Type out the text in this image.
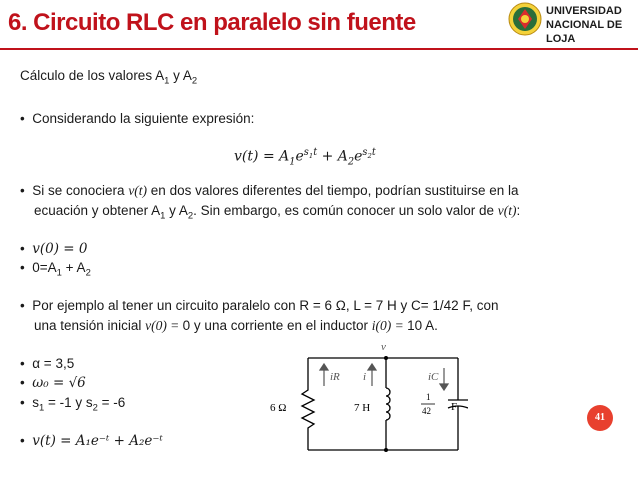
6. Circuito RLC en paralelo sin fuente	UNIVERSIDAD
NACIONAL DE LOJA
Cálculo de los valores $A_1$ y $A_2$
• Considerando la siguiente expresión:
$v(t) = A_1e^{s_1t} + A_2e^{s_2t}$
• Si se conociera v(t) en dos valores diferentes del tiempo, podrían sustituirse en la
ecuación y obtener $A_1$ y $A_2$. Sin embargo, es común conocer un solo valor de v(t):
• v(0) = 0
• $0=A_1 + A_2$
• Por ejemplo al tener un circuito paralelo con R = 6 Ω, L = 7 H y C= 1/42 F, con
una tensión inicial v(0) = 0 y una corriente en el inductor i(0) = 10 A.
• α = 3,5
• ω₀ = √6
• $s_1 = -1$ y $s_2 = -6$
• v(t) = A₁e⁻ᵗ + A₂e⁻ᵗ
v
iR i	iC
6 Ω	7 H
1
42 F
41
